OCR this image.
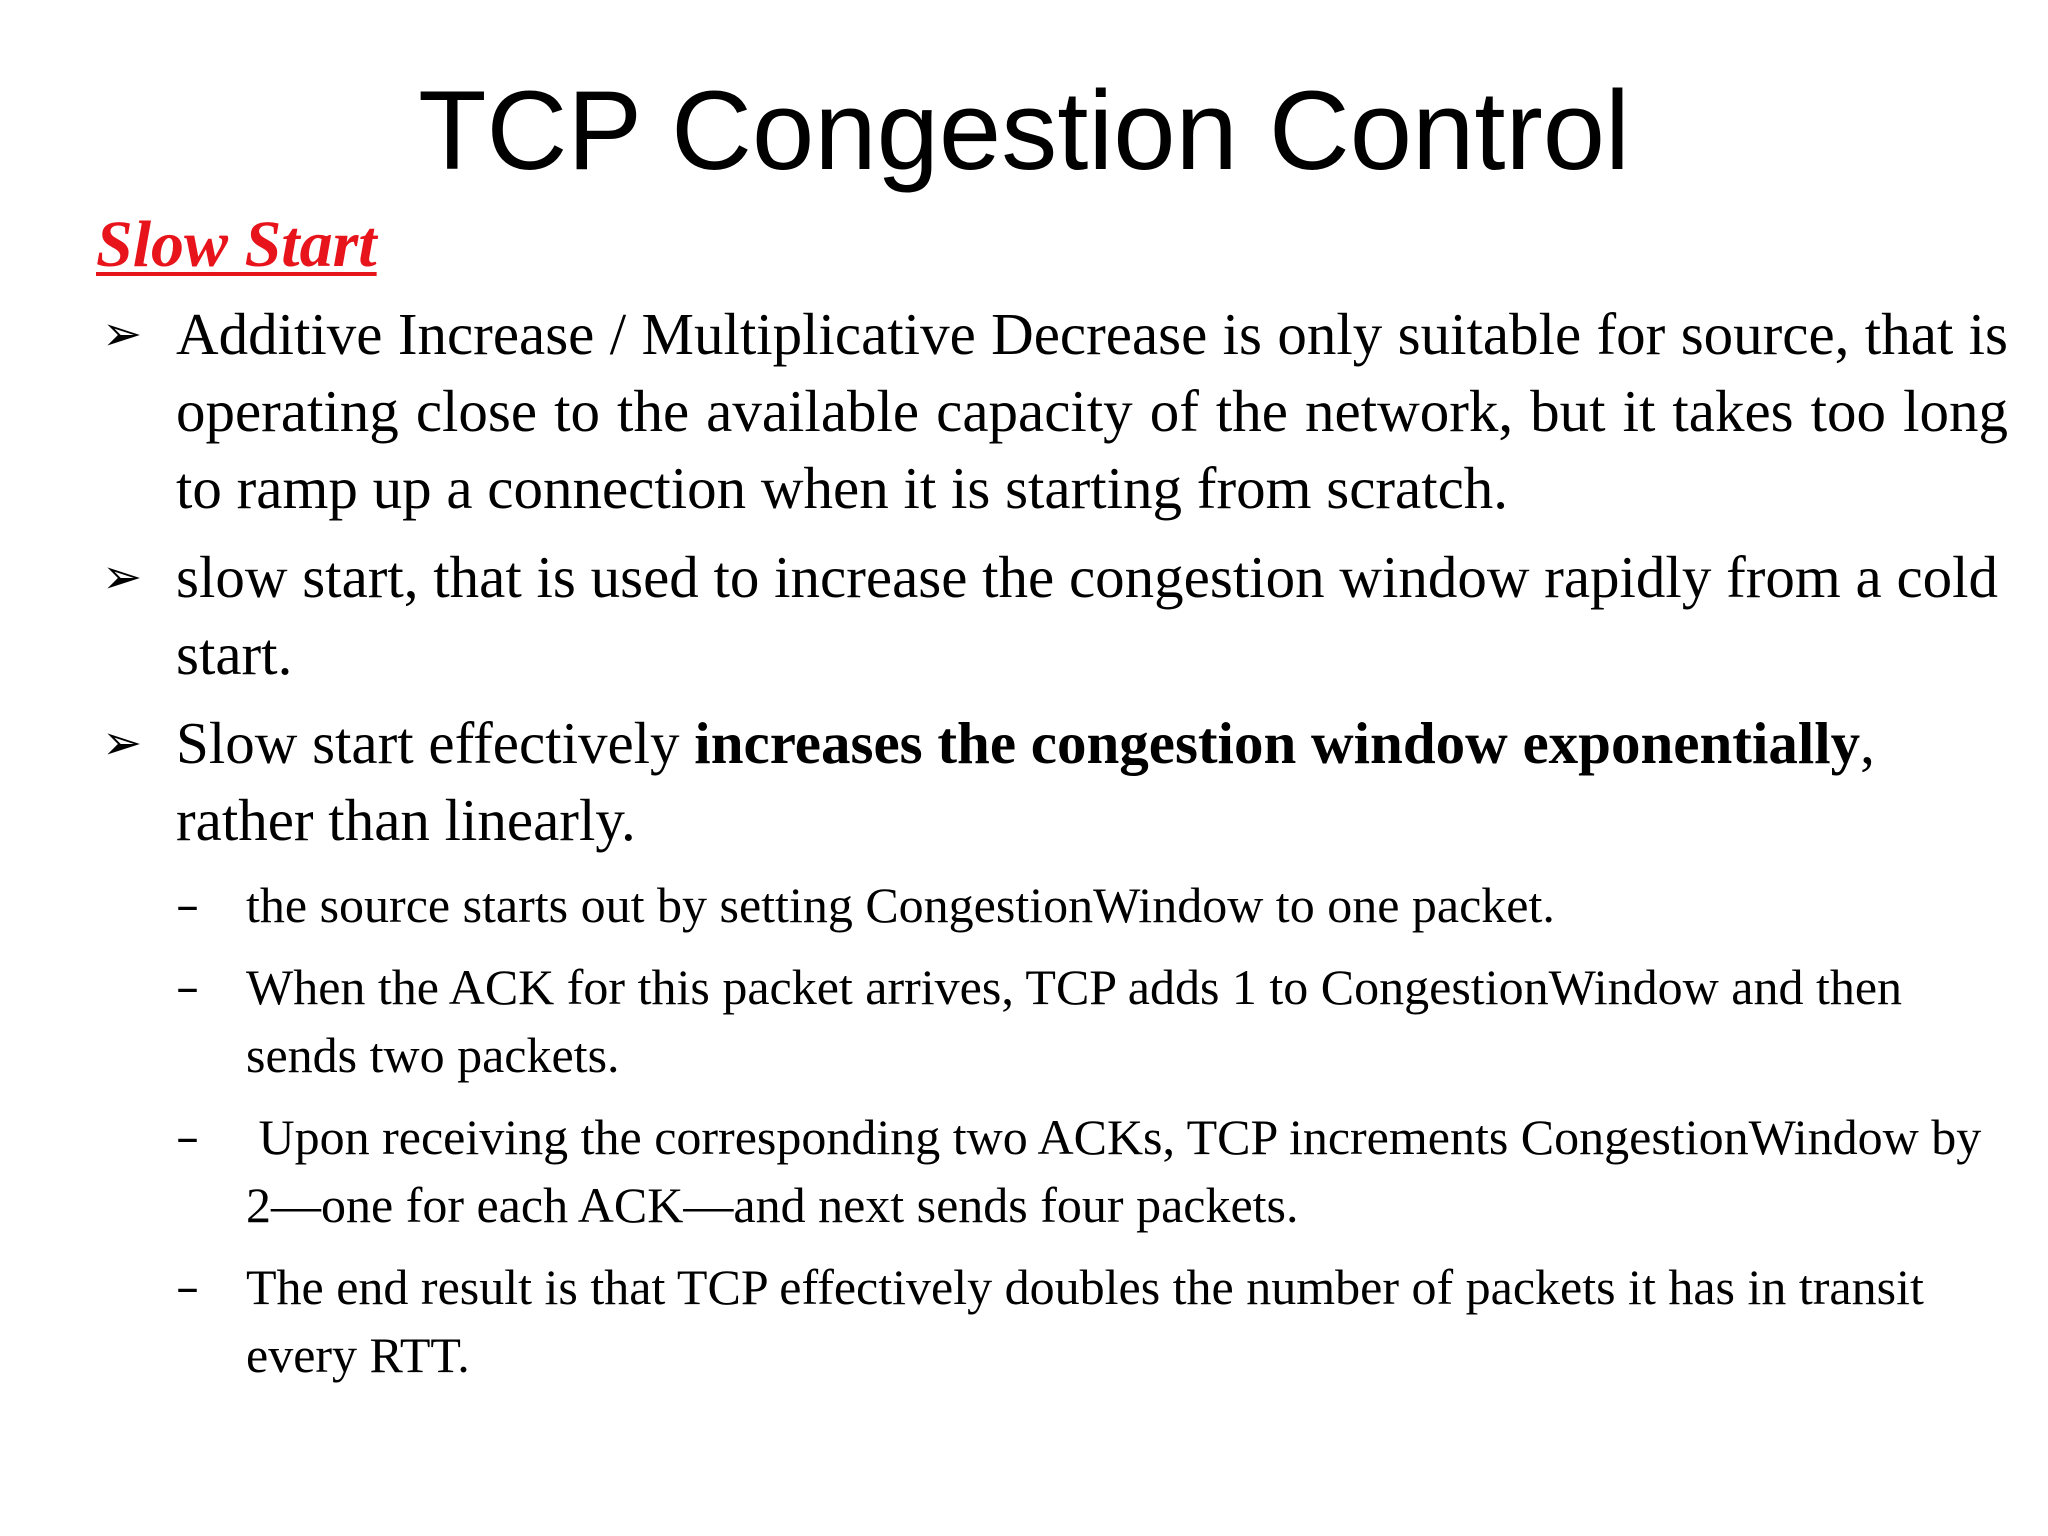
TCP Congestion Control
Slow Start

➢ Additive Increase / Multiplicative Decrease is only suitable for source, that is operating close to the available capacity of the network, but it takes too long to ramp up a connection when it is starting from scratch.

➢ slow start, that is used to increase the congestion window rapidly from a cold start.

➢ Slow start effectively increases the congestion window exponentially, rather than linearly.

– the source starts out by setting CongestionWindow to one packet.

– When the ACK for this packet arrives, TCP adds 1 to CongestionWindow and then sends two packets.

– Upon receiving the corresponding two ACKs, TCP increments CongestionWindow by 2—one for each ACK—and next sends four packets.

– The end result is that TCP effectively doubles the number of packets it has in transit every RTT.
